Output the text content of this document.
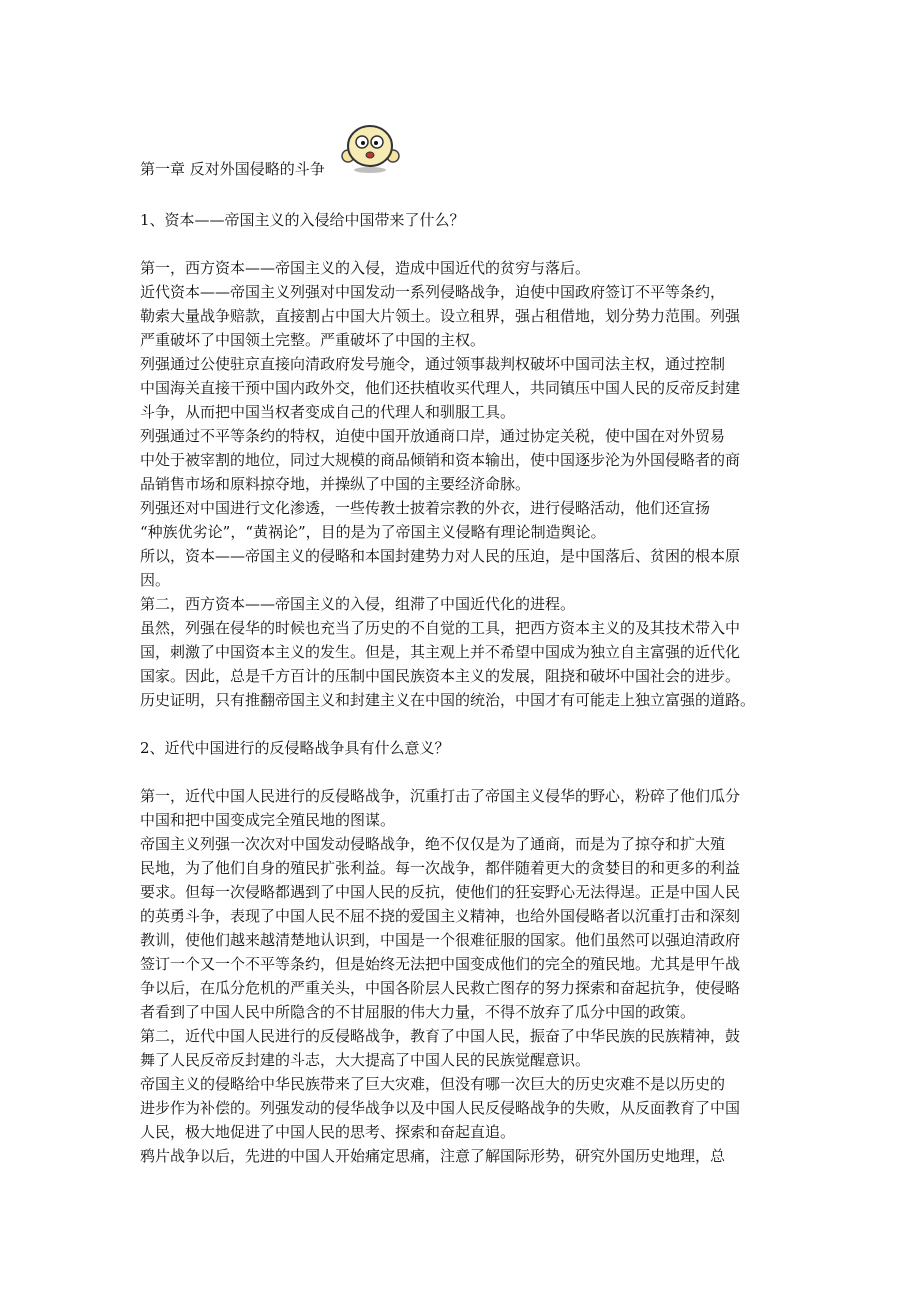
第一章 反对外国侵略的斗争
1、资本——帝国主义的入侵给中国带来了什么？
第一，西方资本——帝国主义的入侵，造成中国近代的贫穷与落后。
近代资本——帝国主义列强对中国发动一系列侵略战争，迫使中国政府签订不平等条约，
勒索大量战争赔款，直接割占中国大片领土。设立租界，强占租借地，划分势力范围。列强
严重破坏了中国领土完整。严重破坏了中国的主权。
列强通过公使驻京直接向清政府发号施令，通过领事裁判权破坏中国司法主权，通过控制
中国海关直接干预中国内政外交，他们还扶植收买代理人，共同镇压中国人民的反帝反封建
斗争，从而把中国当权者变成自己的代理人和驯服工具。
列强通过不平等条约的特权，迫使中国开放通商口岸，通过协定关税，使中国在对外贸易
中处于被宰割的地位，同过大规模的商品倾销和资本输出，使中国逐步沦为外国侵略者的商
品销售市场和原料掠夺地，并操纵了中国的主要经济命脉。
列强还对中国进行文化渗透，一些传教士披着宗教的外衣，进行侵略活动，他们还宣扬
“种族优劣论”，“黄祸论”，目的是为了帝国主义侵略有理论制造舆论。
所以，资本——帝国主义的侵略和本国封建势力对人民的压迫，是中国落后、贫困的根本原
因。
第二，西方资本——帝国主义的入侵，组滞了中国近代化的进程。
虽然，列强在侵华的时候也充当了历史的不自觉的工具，把西方资本主义的及其技术带入中
国，刺激了中国资本主义的发生。但是，其主观上并不希望中国成为独立自主富强的近代化
国家。因此，总是千方百计的压制中国民族资本主义的发展，阻挠和破坏中国社会的进步。
历史证明，只有推翻帝国主义和封建主义在中国的统治，中国才有可能走上独立富强的道路。
2、近代中国进行的反侵略战争具有什么意义？
第一，近代中国人民进行的反侵略战争，沉重打击了帝国主义侵华的野心，粉碎了他们瓜分
中国和把中国变成完全殖民地的图谋。
帝国主义列强一次次对中国发动侵略战争，绝不仅仅是为了通商，而是为了掠夺和扩大殖
民地，为了他们自身的殖民扩张利益。每一次战争，都伴随着更大的贪婪目的和更多的利益
要求。但每一次侵略都遇到了中国人民的反抗，使他们的狂妄野心无法得逞。正是中国人民
的英勇斗争，表现了中国人民不屈不挠的爱国主义精神，也给外国侵略者以沉重打击和深刻
教训，使他们越来越清楚地认识到，中国是一个很难征服的国家。他们虽然可以强迫清政府
签订一个又一个不平等条约，但是始终无法把中国变成他们的完全的殖民地。尤其是甲午战
争以后，在瓜分危机的严重关头，中国各阶层人民救亡图存的努力探索和奋起抗争，使侵略
者看到了中国人民中所隐含的不甘屈服的伟大力量，不得不放弃了瓜分中国的政策。
第二，近代中国人民进行的反侵略战争，教育了中国人民，振奋了中华民族的民族精神，鼓
舞了人民反帝反封建的斗志，大大提高了中国人民的民族觉醒意识。
帝国主义的侵略给中华民族带来了巨大灾难，但没有哪一次巨大的历史灾难不是以历史的
进步作为补偿的。列强发动的侵华战争以及中国人民反侵略战争的失败，从反面教育了中国
人民，极大地促进了中国人民的思考、探索和奋起直追。
鸦片战争以后，先进的中国人开始痛定思痛，注意了解国际形势，研究外国历史地理，总
